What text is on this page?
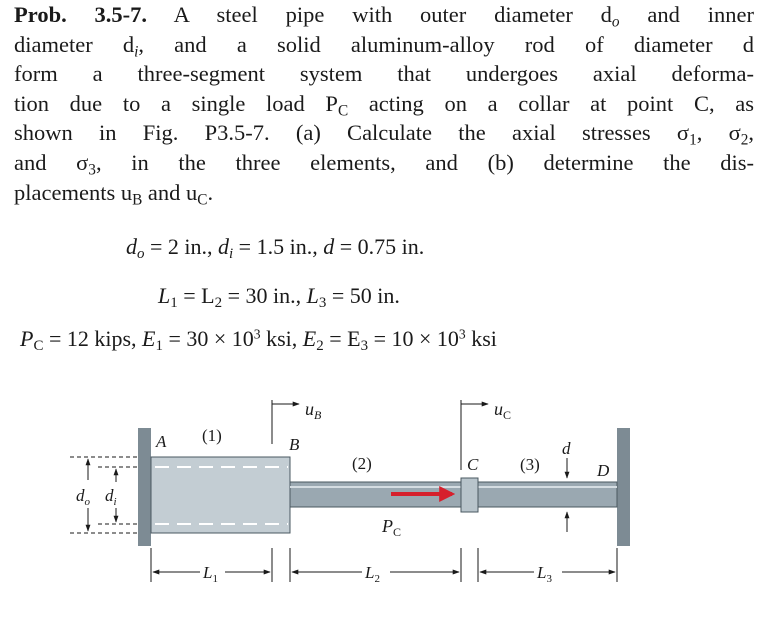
Prob. 3.5-7. A steel pipe with outer diameter $d_o$ and inner
diameter $d_i$, and a solid aluminum-alloy rod of diameter d
form a three-segment system that undergoes axial deforma-
tion due to a single load $P_C$ acting on a collar at point C, as
shown in Fig. P3.5-7. (a) Calculate the axial stresses $\sigma_1$, $\sigma_2$,
and $\sigma_3$, in the three elements, and (b) determine the dis-
placements $u_B$ and $u_C$.
$d_o = 2$ in., $d_i = 1.5$ in., d = 0.75 in.
$L_1 = L_2 = 30$ in., $L_3 = 50$ in.
$P_C = 12$ kips, $E_1 = 30 \times 10^3$ ksi, $E_2 = E_3 = 10 \times 10^3$ ksi
$u_B$	$u_C$
A (1)	B
(2)	C (3)
d
D
$P_C$
$d_o$ $d_i$
$L_1$	$L_2$	$L_3$
